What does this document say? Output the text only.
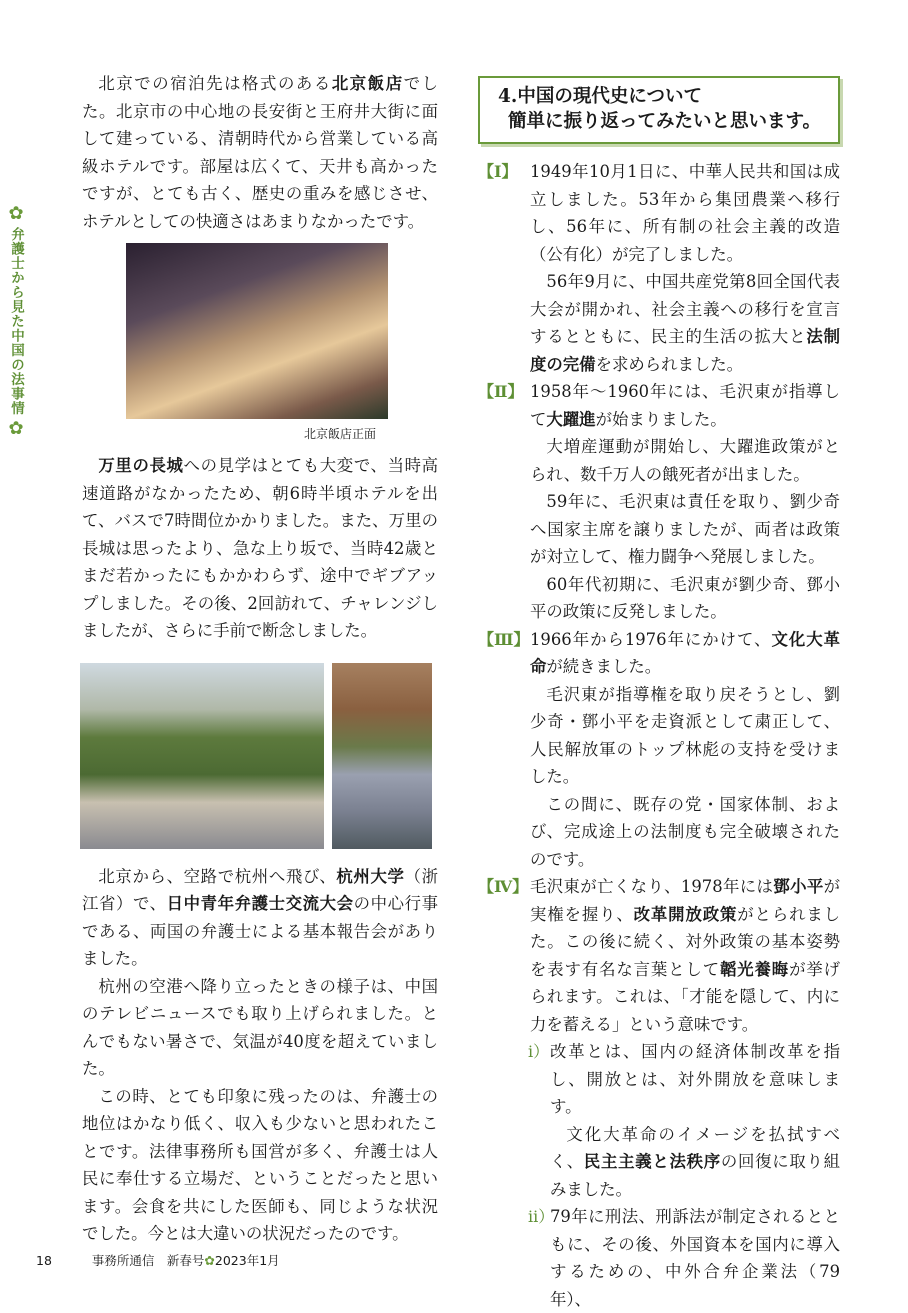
✿
弁護士から見た中国の法事情
✿

北京での宿泊先は格式のある北京飯店でした。北京市の中心地の長安街と王府井大街に面して建っている、清朝時代から営業している高級ホテルです。部屋は広くて、天井も高かったですが、とても古く、歴史の重みを感じさせ、ホテルとしての快適さはあまりなかったです。

北京飯店正面

万里の長城への見学はとても大変で、当時高速道路がなかったため、朝6時半頃ホテルを出て、バスで7時間位かかりました。また、万里の長城は思ったより、急な上り坂で、当時42歳とまだ若かったにもかかわらず、途中でギブアップしました。その後、2回訪れて、チャレンジしましたが、さらに手前で断念しました。

北京から、空路で杭州へ飛び、杭州大学（浙江省）で、日中青年弁護士交流大会の中心行事である、両国の弁護士による基本報告会がありました。

杭州の空港へ降り立ったときの様子は、中国のテレビニュースでも取り上げられました。とんでもない暑さで、気温が40度を超えていました。

この時、とても印象に残ったのは、弁護士の地位はかなり低く、収入も少ないと思われたことです。法律事務所も国営が多く、弁護士は人民に奉仕する立場だ、ということだったと思います。会食を共にした医師も、同じような状況でした。今とは大違いの状況だったのです。

4.中国の現代史について
簡単に振り返ってみたいと思います。
【Ⅰ】 1949年10月1日に、中華人民共和国は成立しました。53年から集団農業へ移行し、56年に、所有制の社会主義的改造（公有化）が完了しました。

56年9月に、中国共産党第8回全国代表大会が開かれ、社会主義への移行を宣言するとともに、民主的生活の拡大と法制度の完備を求められました。

【Ⅱ】 1958年〜1960年には、毛沢東が指導して大躍進が始まりました。

大増産運動が開始し、大躍進政策がとられ、数千万人の餓死者が出ました。

59年に、毛沢東は責任を取り、劉少奇へ国家主席を譲りましたが、両者は政策が対立して、権力闘争へ発展しました。

60年代初期に、毛沢東が劉少奇、鄧小平の政策に反発しました。

【Ⅲ】 1966年から1976年にかけて、文化大革命が続きました。

毛沢東が指導権を取り戻そうとし、劉少奇・鄧小平を走資派として粛正して、人民解放軍のトップ林彪の支持を受けました。

この間に、既存の党・国家体制、および、完成途上の法制度も完全破壊されたのです。

【Ⅳ】 毛沢東が亡くなり、1978年には鄧小平が実権を握り、改革開放政策がとられました。この後に続く、対外政策の基本姿勢を表す有名な言葉として韜光養晦が挙げられます。これは、「才能を隠して、内に力を蓄える」という意味です。

ⅰ） 改革とは、国内の経済体制改革を指し、開放とは、対外開放を意味します。

文化大革命のイメージを払拭すべく、民主主義と法秩序の回復に取り組みました。

ⅱ）

79年に刑法、刑訴法が制定されるとともに、その後、外国資本を国内に導入するための、中外合弁企業法（79年）、

18	事務所通信　新春号✿2023年1月
